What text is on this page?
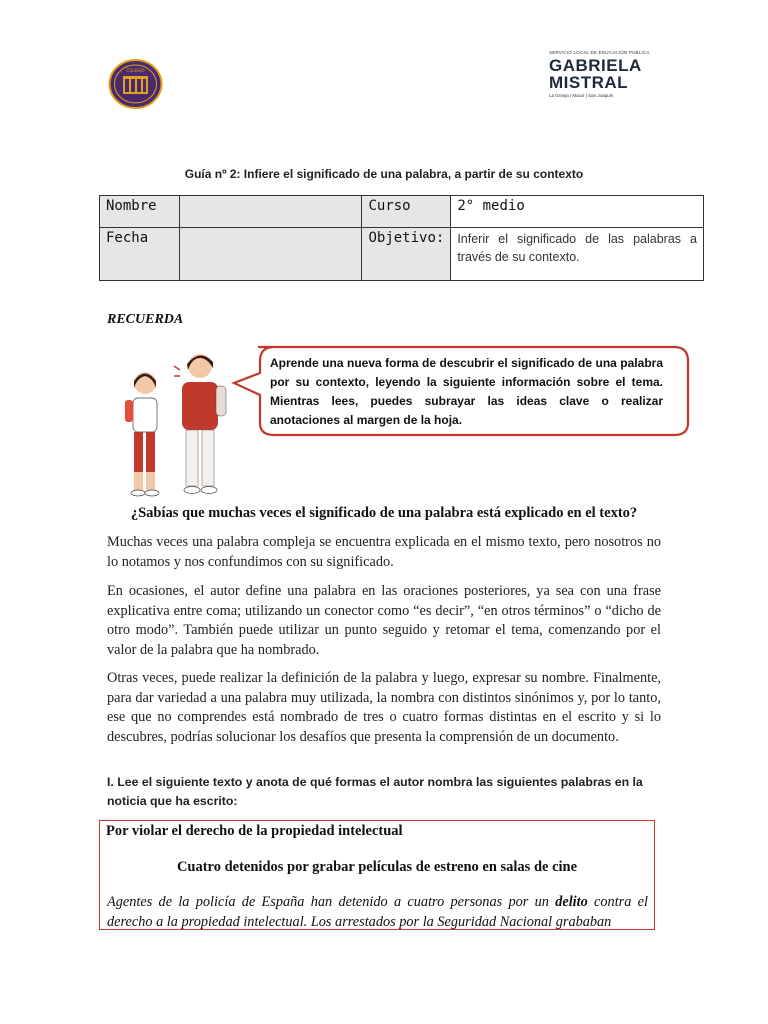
COLEGIO
SERVICIO LOCAL DE EDUCACIÓN PÚBLICA
GABRIELA
MISTRAL
La Granja | Macul | San Joaquín
Guía nº 2: Infiere el significado de una palabra, a partir de su contexto
Nombre		Curso	2° medio
Fecha		Objetivo:	Inferir el significado de las palabras a través de su contexto.
RECUERDA
Aprende una nueva forma de descubrir el significado de una palabra por su contexto, leyendo la siguiente información sobre el tema. Mientras lees, puedes subrayar las ideas clave o realizar anotaciones al margen de la hoja.
¿Sabías que muchas veces el significado de una palabra está explicado en el texto?
Muchas veces una palabra compleja se encuentra explicada en el mismo texto, pero nosotros no lo notamos y nos confundimos con su significado.
En ocasiones, el autor define una palabra en las oraciones posteriores, ya sea con una frase explicativa entre coma; utilizando un conector como “es decir”, “en otros términos” o “dicho de otro modo”. También puede utilizar un punto seguido y retomar el tema, comenzando por el valor de la palabra que ha nombrado.
Otras veces, puede realizar la definición de la palabra y luego, expresar su nombre. Finalmente, para dar variedad a una palabra muy utilizada, la nombra con distintos sinónimos y, por lo tanto, ese que no comprendes está nombrado de tres o cuatro formas distintas en el escrito y si lo descubres, podrías solucionar los desafíos que presenta la comprensión de un documento.
I. Lee el siguiente texto y anota de qué formas el autor nombra las siguientes palabras en la noticia que ha escrito:
Por violar el derecho de la propiedad intelectual
Cuatro detenidos por grabar películas de estreno en salas de cine
Agentes de la policía de España han detenido a cuatro personas por un delito contra el derecho a la propiedad intelectual. Los arrestados por la Seguridad Nacional grababan
